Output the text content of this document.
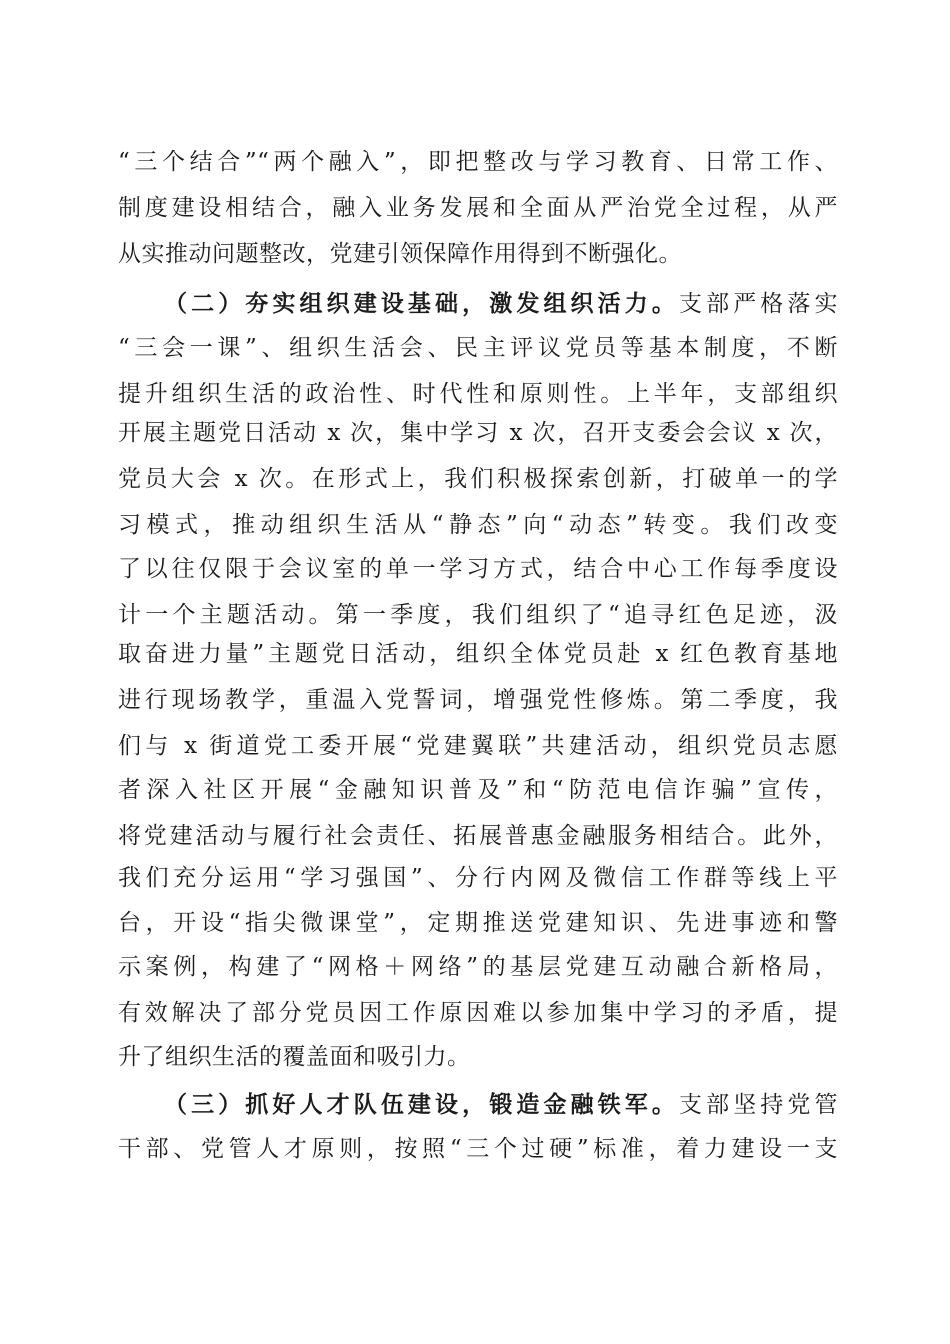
“三个结合”“两个融入”，即把整改与学习教育、日常工作、
制度建设相结合，融入业务发展和全面从严治党全过程，从严
从实推动问题整改，党建引领保障作用得到不断强化。
（二）夯实组织建设基础，激发组织活力。支部严格落实
“三会一课”、组织生活会、民主评议党员等基本制度，不断
提升组织生活的政治性、时代性和原则性。上半年，支部组织
开展主题党日活动 x 次，集中学习 x 次，召开支委会会议 x 次，
党员大会 x 次。在形式上，我们积极探索创新，打破单一的学
习模式，推动组织生活从“静态”向“动态”转变。我们改变
了以往仅限于会议室的单一学习方式，结合中心工作每季度设
计一个主题活动。第一季度，我们组织了“追寻红色足迹，汲
取奋进力量”主题党日活动，组织全体党员赴 x 红色教育基地
进行现场教学，重温入党誓词，增强党性修炼。第二季度，我
们与 x 街道党工委开展“党建翼联”共建活动，组织党员志愿
者深入社区开展“金融知识普及”和“防范电信诈骗”宣传，
将党建活动与履行社会责任、拓展普惠金融服务相结合。此外，
我们充分运用“学习强国”、分行内网及微信工作群等线上平
台，开设“指尖微课堂”，定期推送党建知识、先进事迹和警
示案例，构建了“网格＋网络”的基层党建互动融合新格局，
有效解决了部分党员因工作原因难以参加集中学习的矛盾，提
升了组织生活的覆盖面和吸引力。
（三）抓好人才队伍建设，锻造金融铁军。支部坚持党管
干部、党管人才原则，按照“三个过硬”标准，着力建设一支
